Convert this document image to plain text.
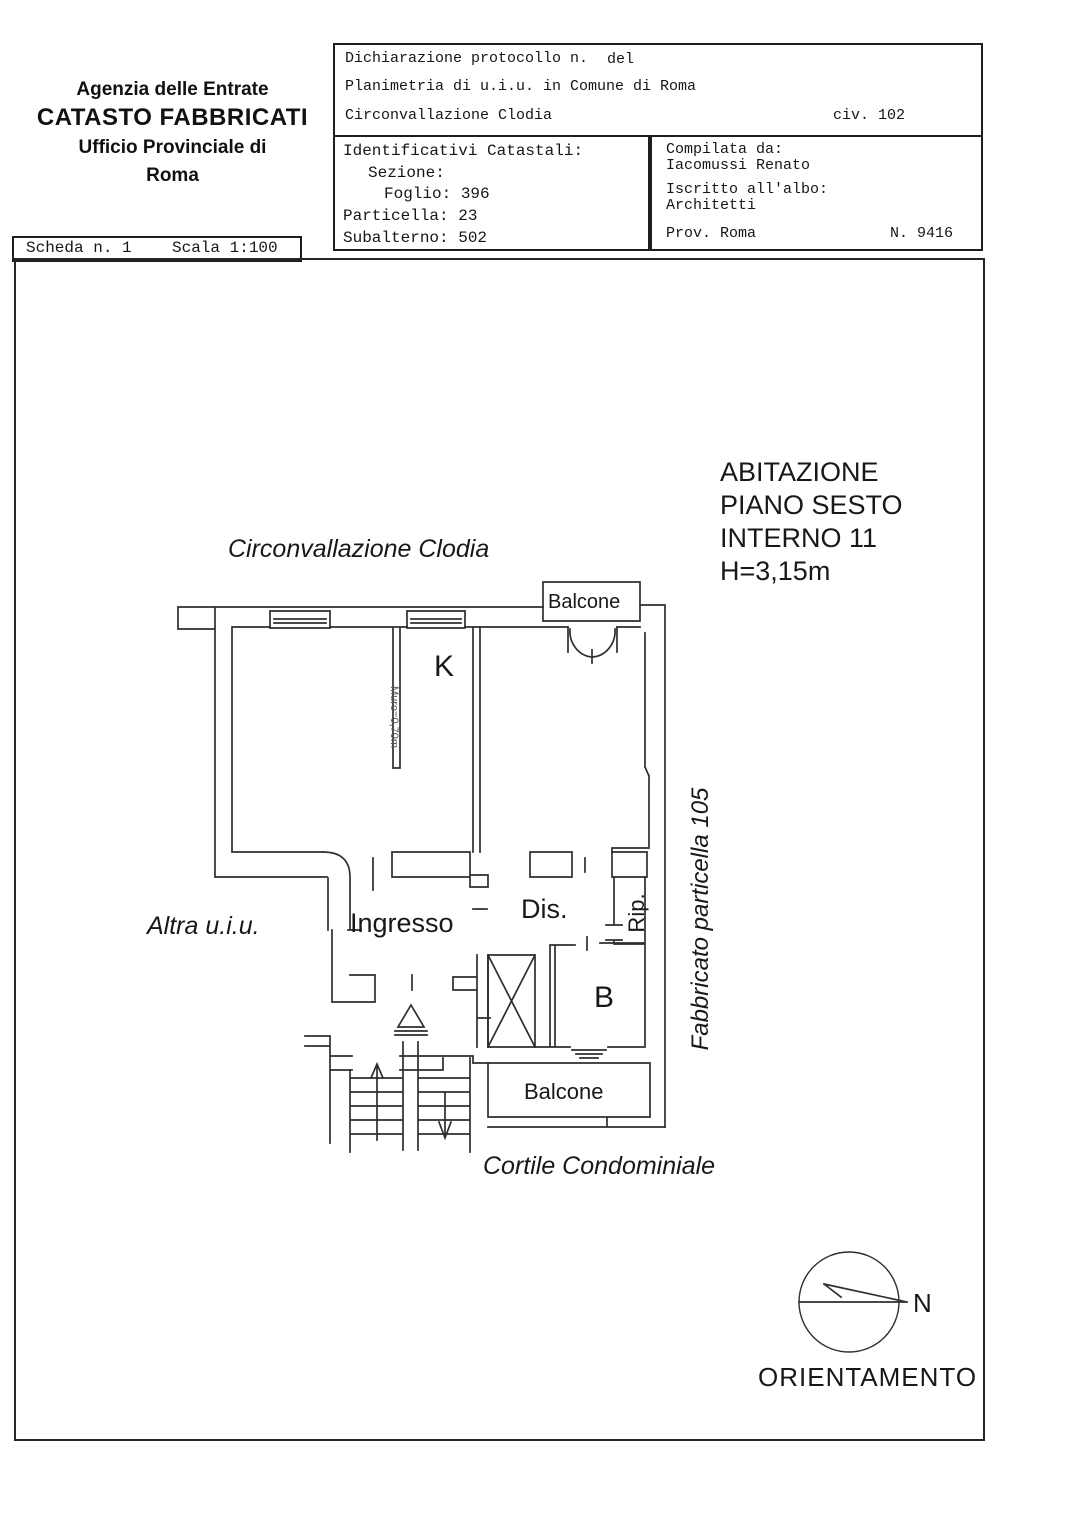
Agenzia delle Entrate
CATASTO FABBRICATI
Ufficio Provinciale di
Roma
Dichiarazione protocollo n. del
Planimetria di u.i.u. in Comune di Roma
Circonvallazione Clodia	civ. 102
Identificativi Catastali:
Sezione:
Foglio: 396
Particella: 23
Subalterno: 502
Compilata da:
Iacomussi Renato
Iscritto all'albo:
Architetti
Prov. Roma	N. 9416
Scheda n. 1	Scala 1:100
Circonvallazione Clodia
ABITAZIONE
PIANO SESTO
INTERNO 11
H=3,15m
Balcone
K
Muro=0,70m
Ingresso Dis.	Rip.
B
Balcone
Altra u.i.u.	Fabbricato particella 105
Cortile Condominiale
N
ORIENTAMENTO
